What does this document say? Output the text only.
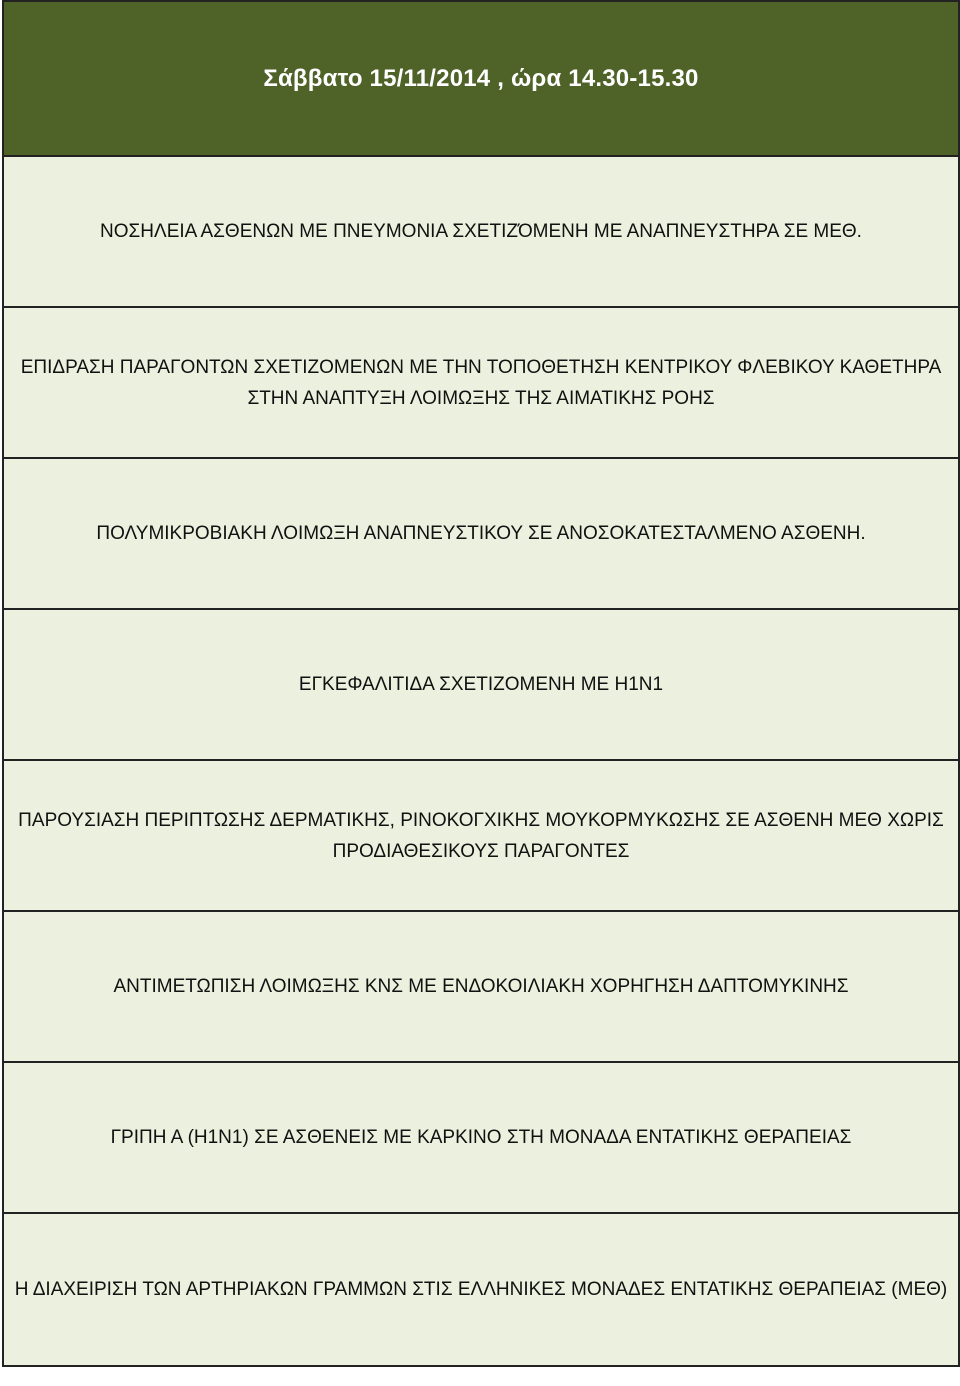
Σάββατο 15/11/2014 , ώρα 14.30-15.30
ΝΟΣΗΛΕΙΑ ΑΣΘΕΝΩΝ ΜΕ ΠΝΕΥΜΟΝΙΑ ΣΧΕΤΙΖΌΜΕΝΗ ΜΕ ΑΝΑΠΝΕΥΣΤΗΡΑ ΣΕ ΜΕΘ.
ΕΠΙΔΡΑΣΗ ΠΑΡΑΓΟΝΤΩΝ ΣΧΕΤΙΖΟΜΕΝΩΝ ΜΕ ΤΗΝ ΤΟΠΟΘΕΤΗΣΗ ΚΕΝΤΡΙΚΟΥ ΦΛΕΒΙΚΟΥ ΚΑΘΕΤΗΡΑ ΣΤΗΝ ΑΝΑΠΤΥΞΗ ΛΟΙΜΩΞΗΣ ΤΗΣ ΑΙΜΑΤΙΚΗΣ ΡΟΗΣ
ΠΟΛΥΜΙΚΡΟΒΙΑΚΗ ΛΟΙΜΩΞΗ ΑΝΑΠΝΕΥΣΤΙΚΟΥ ΣΕ ΑΝΟΣΟΚΑΤΕΣΤΑΛΜΕΝΟ ΑΣΘΕΝΗ.
ΕΓΚΕΦΑΛΙΤΙΔΑ ΣΧΕΤΙΖΟΜΕΝΗ ΜΕ Η1Ν1
ΠΑΡΟΥΣΙΑΣΗ ΠΕΡΙΠΤΩΣΗΣ ΔΕΡΜΑΤΙΚΗΣ, ΡΙΝΟΚΟΓΧΙΚΗΣ ΜΟΥΚΟΡΜΥΚΩΣΗΣ ΣΕ ΑΣΘΕΝΗ ΜΕΘ ΧΩΡΙΣ ΠΡΟΔΙΑΘΕΣΙΚΟΥΣ ΠΑΡΑΓΟΝΤΕΣ
ΑΝΤΙΜΕΤΩΠΙΣΗ ΛΟΙΜΩΞΗΣ ΚΝΣ ΜΕ ΕΝΔΟΚΟΙΛΙΑΚΗ ΧΟΡΗΓΗΣΗ ΔΑΠΤΟΜΥΚΙΝΗΣ
ΓΡΙΠΗ Α (Η1Ν1) ΣΕ ΑΣΘΕΝΕΙΣ ΜΕ ΚΑΡΚΙΝΟ ΣΤΗ ΜΟΝΑΔΑ ΕΝΤΑΤΙΚΗΣ ΘΕΡΑΠΕΙΑΣ
Η ΔΙΑΧΕΙΡΙΣΗ ΤΩΝ ΑΡΤΗΡΙΑΚΩΝ ΓΡΑΜΜΩΝ ΣΤΙΣ ΕΛΛΗΝΙΚΕΣ ΜΟΝΑΔΕΣ ΕΝΤΑΤΙΚΗΣ ΘΕΡΑΠΕΙΑΣ (ΜΕΘ)
